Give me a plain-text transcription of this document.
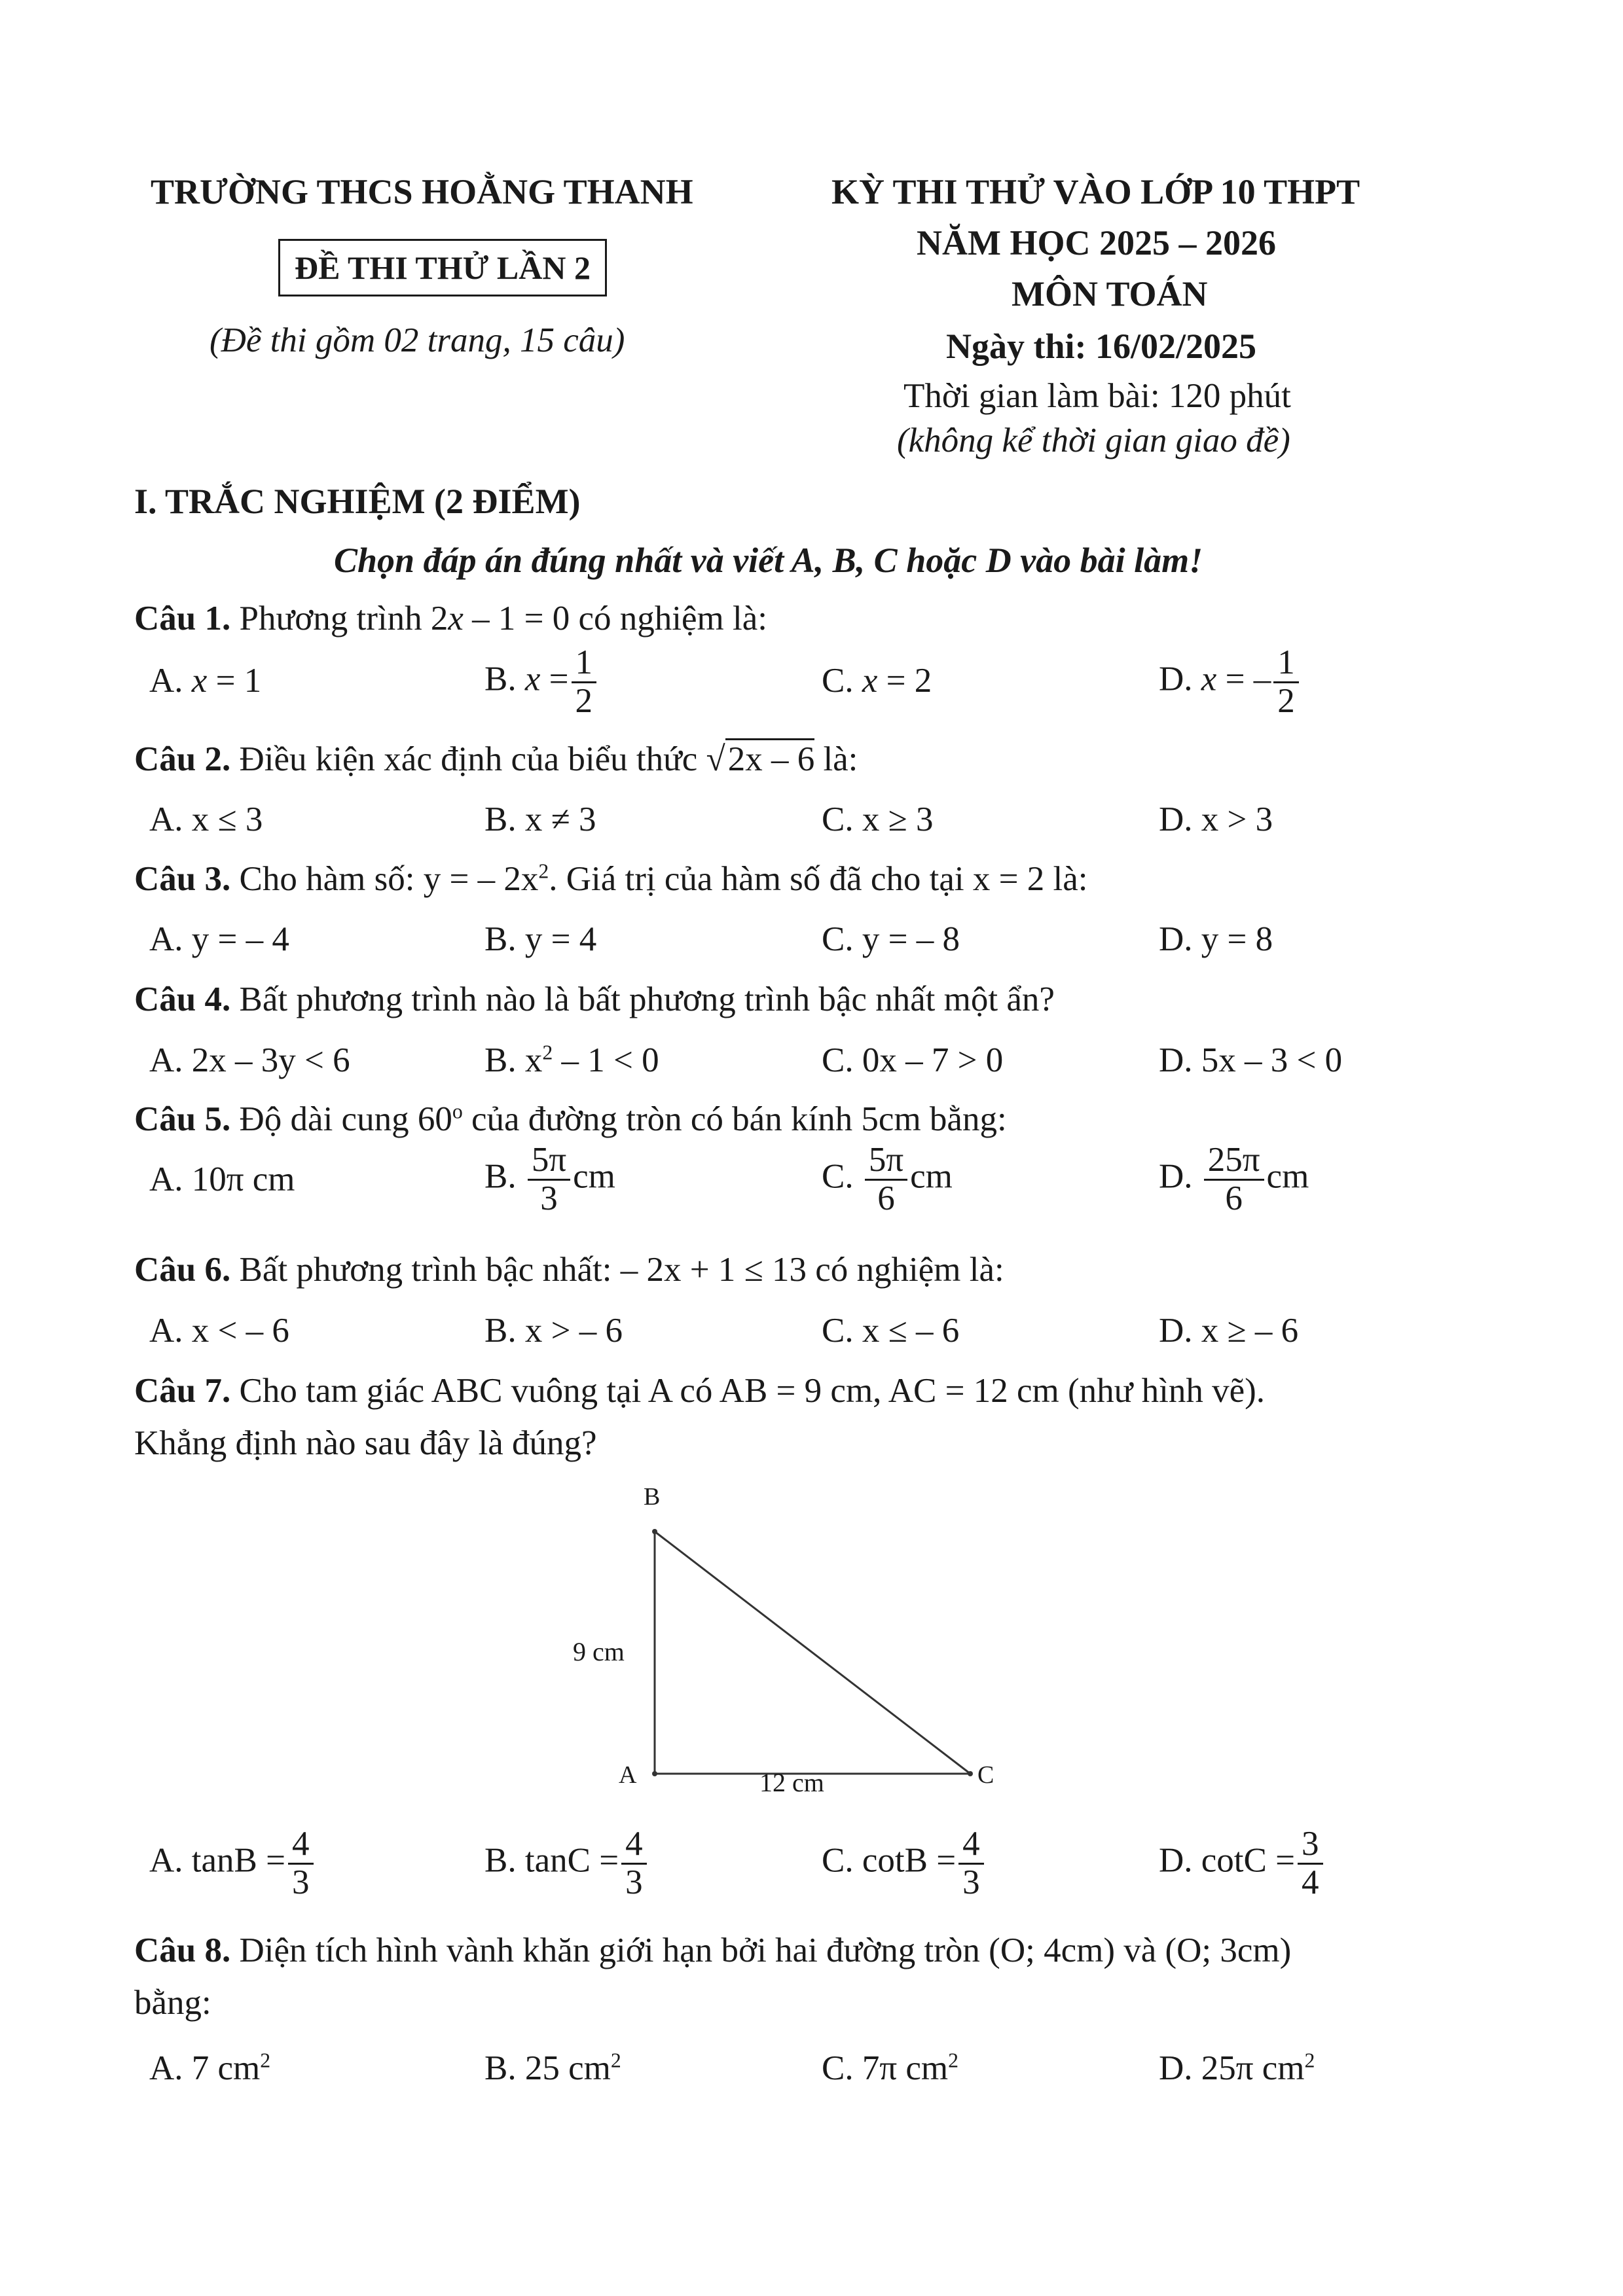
TRƯỜNG THCS HOẰNG THANH
ĐỀ THI THỬ LẦN 2
(Đề thi gồm 02 trang, 15 câu)
KỲ THI THỬ VÀO LỚP 10 THPT
NĂM HỌC 2025 – 2026
MÔN TOÁN
Ngày thi: 16/02/2025
Thời gian làm bài: 120 phút
(không kể thời gian giao đề)
I. TRẮC NGHIỆM (2 ĐIỂM)
Chọn đáp án đúng nhất và viết A, B, C hoặc D vào bài làm!
Câu 1. Phương trình 2x – 1 = 0 có nghiệm là:
A. x = 1	B. $x = \frac{1}{2}$	C. x = 2	D. x = – $\frac{1}{2}$
Câu 2. Điều kiện xác định của biểu thức √2x – 6 là:
A. x ≤ 3	B. x ≠ 3	C. x ≥ 3	D. x > 3
Câu 3. Cho hàm số: y = – $2x^2$. Giá trị của hàm số đã cho tại x = 2 là:
A. y = – 4	B. y = 4	C. y = – 8	D. y = 8
Câu 4. Bất phương trình nào là bất phương trình bậc nhất một ẩn?
A. 2x – 3y < 6	B. $x^2 - 1 < 0$	C. 0x – 7 > 0	D. 5x – 3 < 0
Câu 5. Độ dài cung 60$^o$ của đường tròn có bán kính 5cm bằng:
A. 10π cm	B. $\frac{5\pi}{3}$ cm	C. $\frac{5\pi}{6}$ cm	D. $\frac{25\pi}{6}$ cm
Câu 6. Bất phương trình bậc nhất: – 2x + 1 ≤ 13 có nghiệm là:
A. x < – 6	B. x > – 6	C. x ≤ – 6	D. x ≥ – 6
Câu 7. Cho tam giác ABC vuông tại A có AB = 9 cm, AC = 12 cm (như hình vẽ).
Khẳng định nào sau đây là đúng?
B
A	C
9 cm
12 cm
A. $\tan B = \frac{4}{3}$	B. $\tan C = \frac{4}{3}$	C. $\cot B = \frac{4}{3}$	D. $\cot C = \frac{3}{4}$
Câu 8. Diện tích hình vành khăn giới hạn bởi hai đường tròn (O; 4cm) và (O; 3cm)
bằng:
A. 7 $cm^2$	B. 25 $cm^2$	C. 7π $cm^2$	D. 25π $cm^2$
